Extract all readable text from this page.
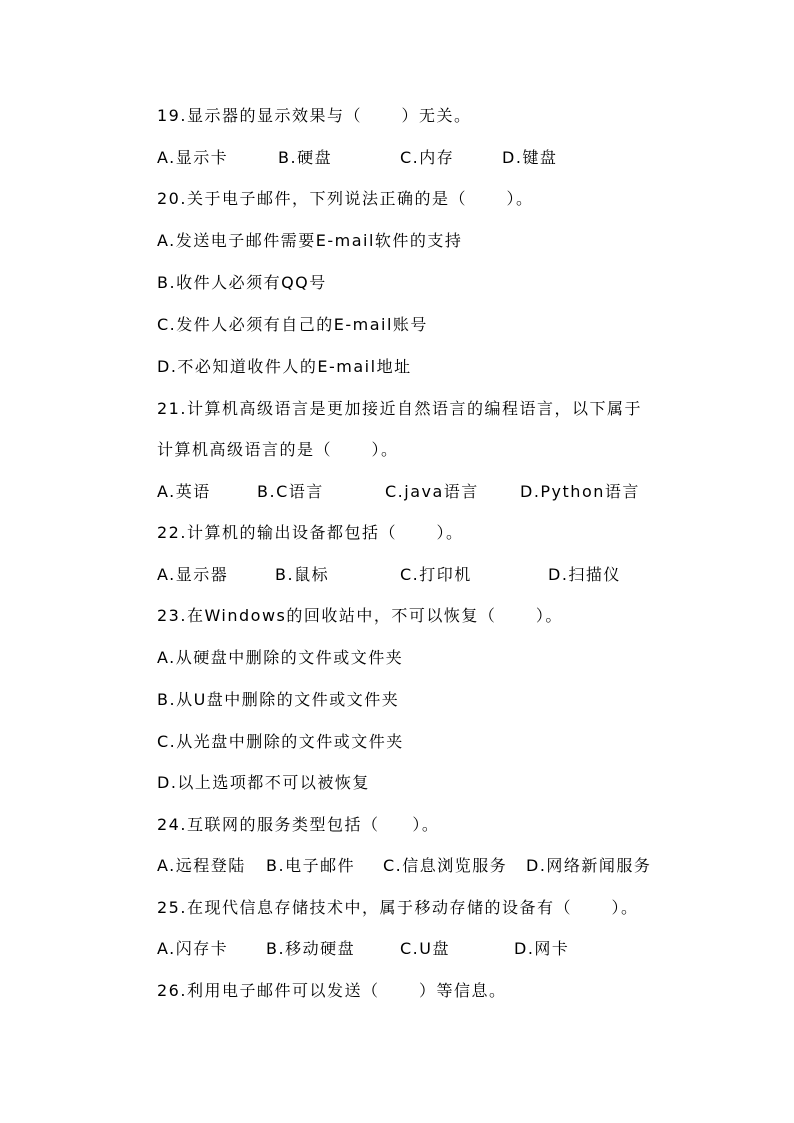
19.显示器的显示效果与（      ）无关。
A.显示卡	B.硬盘	C.内存	D.键盘
20.关于电子邮件，下列说法正确的是（      ）。
A.发送电子邮件需要E-mail软件的支持
B.收件人必须有QQ号
C.发件人必须有自己的E-mail账号
D.不必知道收件人的E-mail地址
21.计算机高级语言是更加接近自然语言的编程语言，以下属于
计算机高级语言的是（      ）。
A.英语	B.C语言	C.java语言	D.Python语言
22.计算机的输出设备都包括（      ）。
A.显示器	B.鼠标	C.打印机	D.扫描仪
23.在Windows的回收站中，不可以恢复（      ）。
A.从硬盘中删除的文件或文件夹
B.从U盘中删除的文件或文件夹
C.从光盘中删除的文件或文件夹
D.以上选项都不可以被恢复
24.互联网的服务类型包括（     ）。
A.远程登陆 B.电子邮件 C.信息浏览服务 D.网络新闻服务
25.在现代信息存储技术中，属于移动存储的设备有（      ）。
A.闪存卡 B.移动硬盘	C.U盘	D.网卡
26.利用电子邮件可以发送（      ）等信息。
